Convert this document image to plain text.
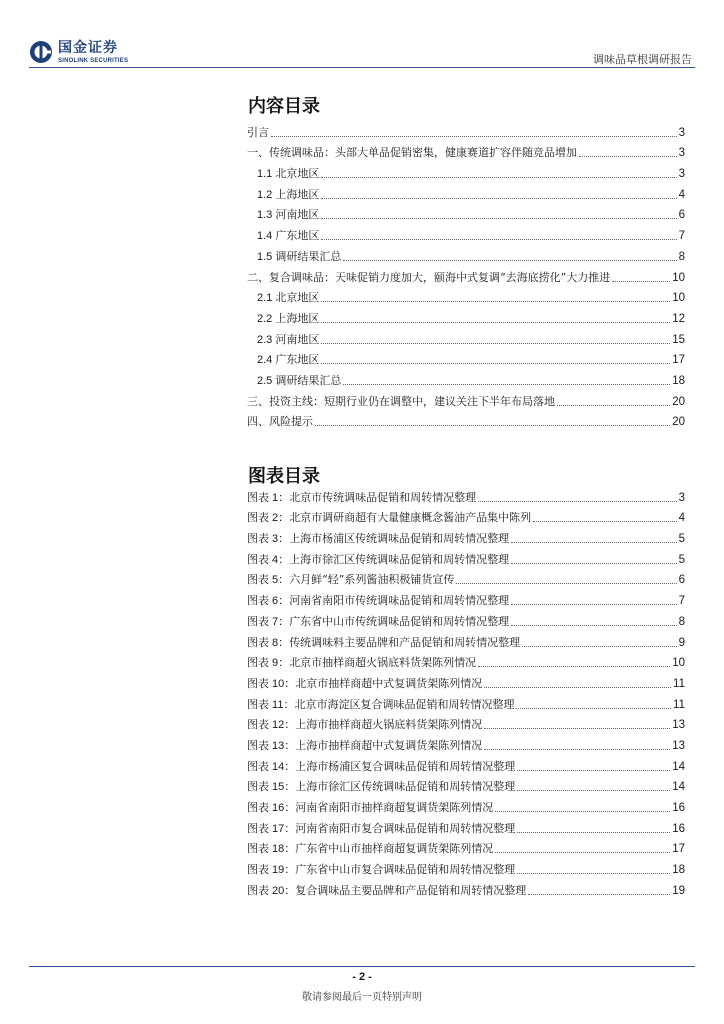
国金证券
SINOLINK SECURITIES	调味品草根调研报告
内容目录
引言	3
一、传统调味品：头部大单品促销密集，健康赛道扩容伴随竞品增加	3
1.1 北京地区	3
1.2 上海地区	4
1.3 河南地区	6
1.4 广东地区	7
1.5 调研结果汇总	8
二、复合调味品：天味促销力度加大，颐海中式复调“去海底捞化”大力推进	10
2.1 北京地区	10
2.2 上海地区	12
2.3 河南地区	15
2.4 广东地区	17
2.5 调研结果汇总	18
三、投资主线：短期行业仍在调整中，建议关注下半年布局落地	20
四、风险提示	20
图表目录
图表 1：北京市传统调味品促销和周转情况整理	3
图表 2：北京市调研商超有大量健康概念酱油产品集中陈列	4
图表 3：上海市杨浦区传统调味品促销和周转情况整理	5
图表 4：上海市徐汇区传统调味品促销和周转情况整理	5
图表 5：六月鲜“轻”系列酱油积极铺货宣传	6
图表 6：河南省南阳市传统调味品促销和周转情况整理	7
图表 7：广东省中山市传统调味品促销和周转情况整理	8
图表 8：传统调味料主要品牌和产品促销和周转情况整理	9
图表 9：北京市抽样商超火锅底料货架陈列情况	10
图表 10：北京市抽样商超中式复调货架陈列情况	11
图表 11：北京市海淀区复合调味品促销和周转情况整理	11
图表 12：上海市抽样商超火锅底料货架陈列情况	13
图表 13：上海市抽样商超中式复调货架陈列情况	13
图表 14：上海市杨浦区复合调味品促销和周转情况整理	14
图表 15：上海市徐汇区传统调味品促销和周转情况整理	14
图表 16：河南省南阳市抽样商超复调货架陈列情况	16
图表 17：河南省南阳市复合调味品促销和周转情况整理	16
图表 18：广东省中山市抽样商超复调货架陈列情况	17
图表 19：广东省中山市复合调味品促销和周转情况整理	18
图表 20：复合调味品主要品牌和产品促销和周转情况整理	19
- 2 -
敬请参阅最后一页特别声明
